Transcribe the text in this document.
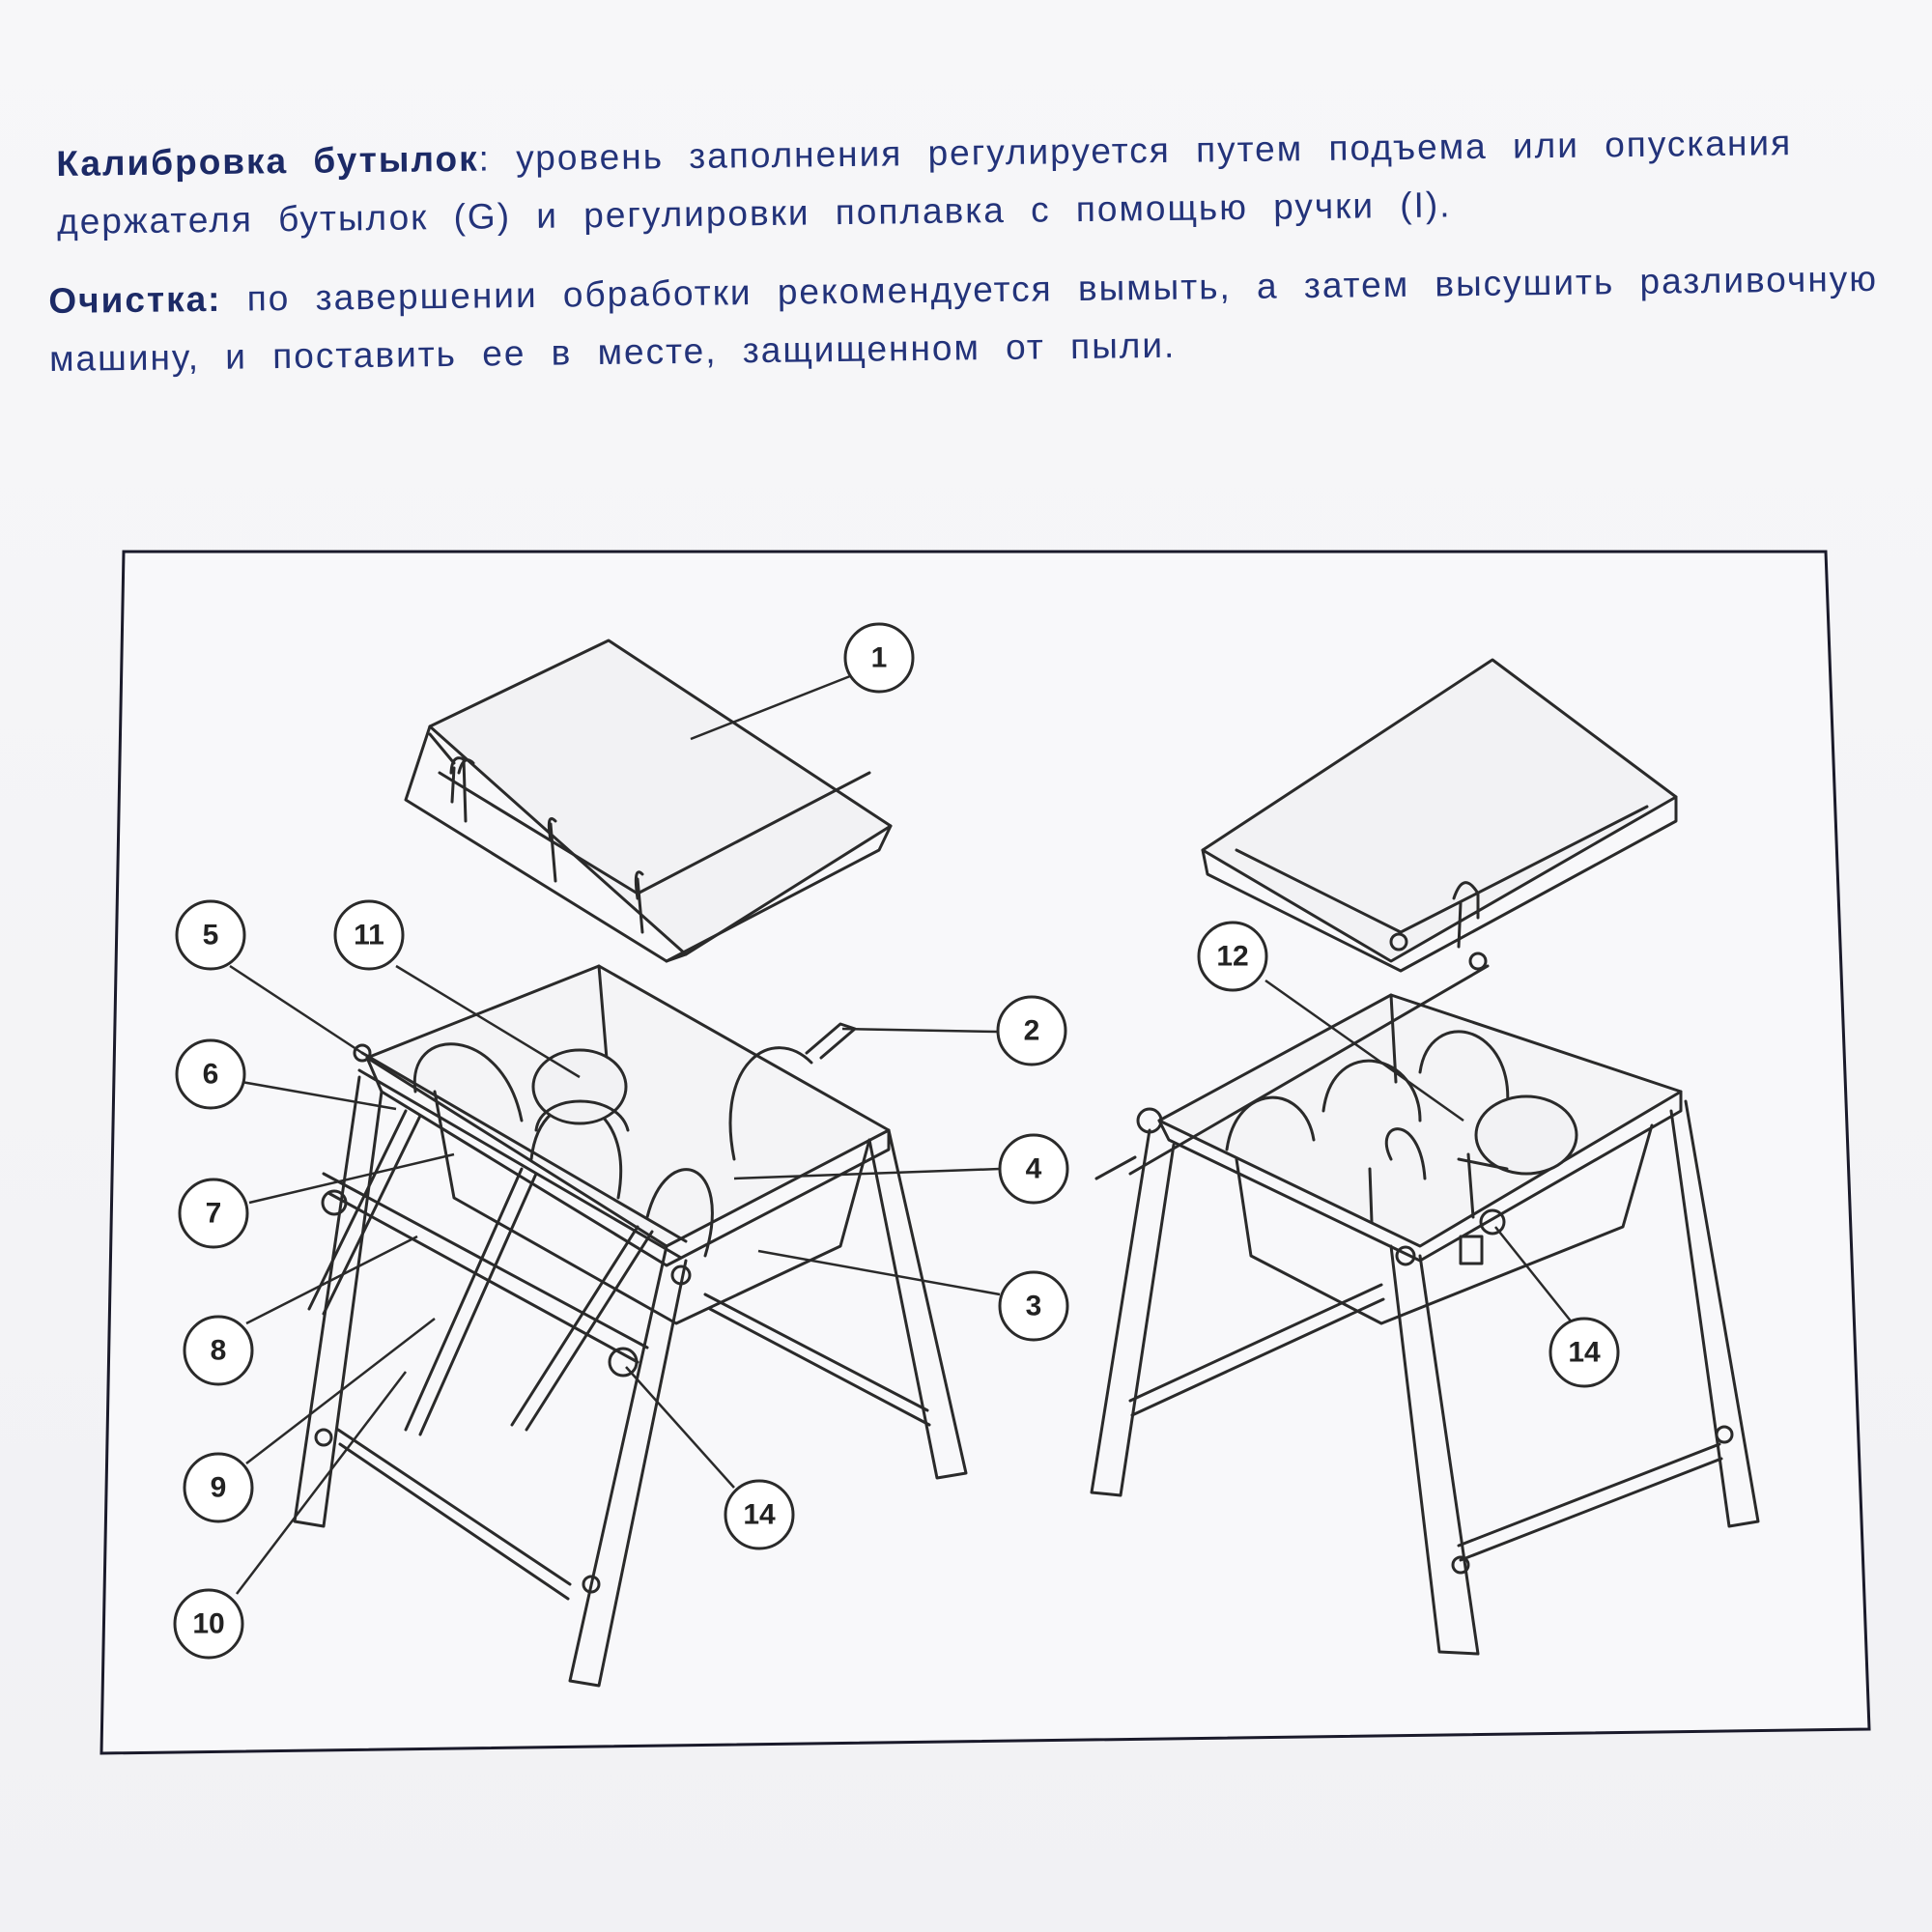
Калибровка бутылок: уровень заполнения регулируется путем подъема или опускания держателя бутылок (G) и регулировки поплавка с помощью ручки (I).
Очистка: по завершении обработки рекомендуется вымыть, а затем высушить разливочную машину, и поставить ее в месте, защищенном от пыли.
1
2
3
4
5
6
7
8
9
10
11
12
14
14
